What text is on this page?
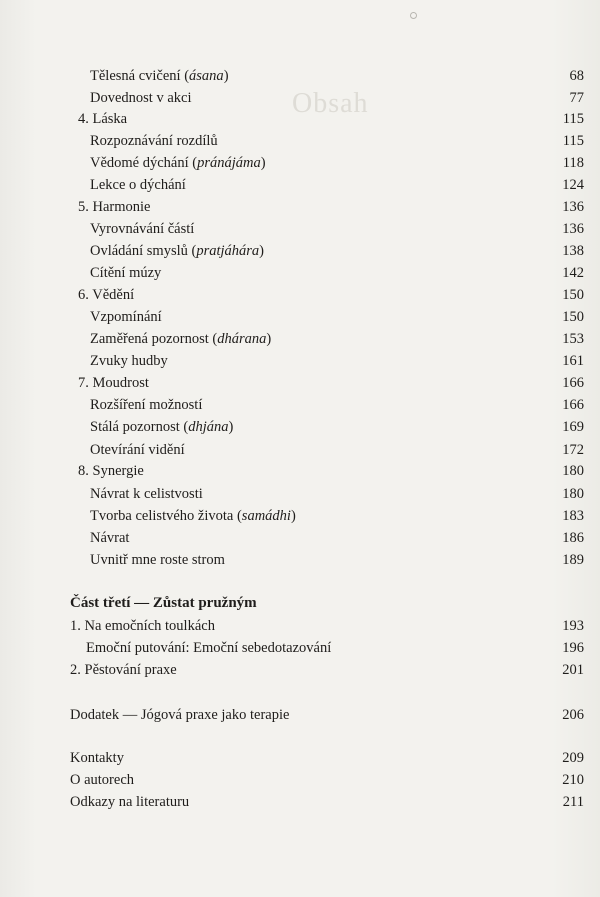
Obsah
Tělesná cvičení (ásana)	68
Dovednost v akci	77
4. Láska	115
Rozpoznávání rozdílů	115
Vědomé dýchání (pránájáma)	118
Lekce o dýchání	124
5. Harmonie	136
Vyrovnávání částí	136
Ovládání smyslů (pratjáhára)	138
Cítění múzy	142
6. Vědění	150
Vzpomínání	150
Zaměřená pozornost (dhárana)	153
Zvuky hudby	161
7. Moudrost	166
Rozšíření možností	166
Stálá pozornost (dhjána)	169
Otevírání vidění	172
8. Synergie	180
Návrat k celistvosti	180
Tvorba celistvého života (samádhi)	183
Návrat	186
Uvnitř mne roste strom	189
Část třetí — Zůstat pružným
1. Na emočních toulkách	193
Emoční putování: Emoční sebedotazování	196
2. Pěstování praxe	201
Dodatek — Jógová praxe jako terapie	206
Kontakty	209
O autorech	210
Odkazy na literaturu	211
